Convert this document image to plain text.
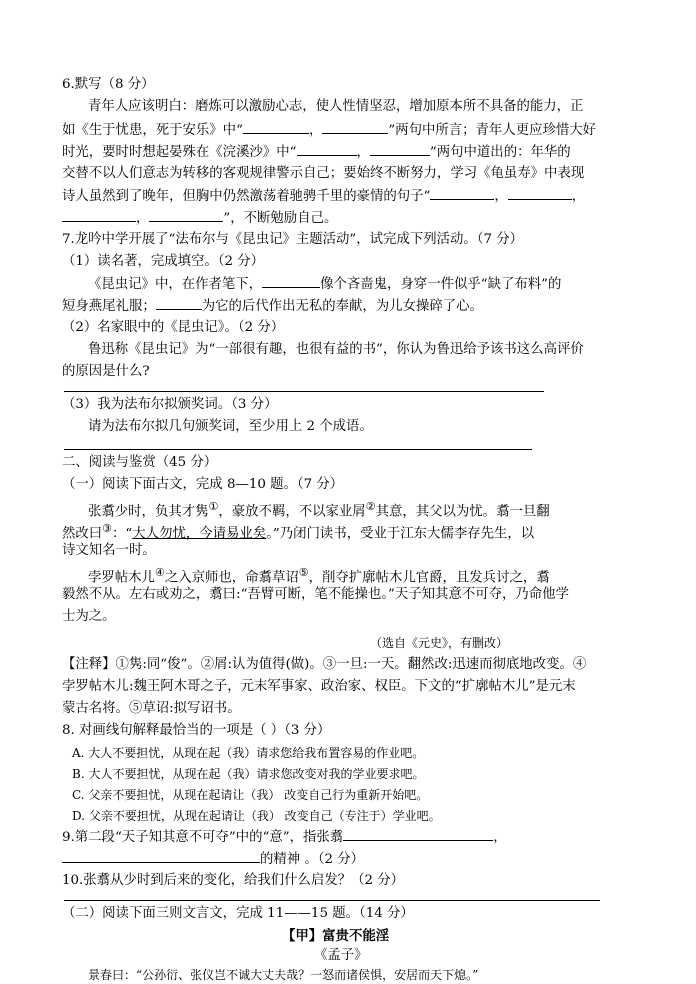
6.默写（8 分）
青年人应该明白：磨炼可以激励心志，使人性情坚忍，增加原本所不具备的能力，正
如《生于忧患，死于安乐》中“	，	”两句中所言；青年人更应珍惜大好
时光，要时时想起晏殊在《浣溪沙》中“	，	”两句中道出的：年华的
交替不以人们意志为转移的客观规律警示自己；要始终不断努力，学习《龟虽寿》中表现
诗人虽然到了晚年，但胸中仍然激荡着驰骋千里的豪情的句子“	，	，
，	”，不断勉励自己。
7.龙吟中学开展了“法布尔与《昆虫记》主题活动”，试完成下列活动。（7 分）
（1）读名著，完成填空。（2 分）
《昆虫记》中，在作者笔下，	像个吝啬鬼，身穿一件似乎“缺了布料”的
短身燕尾礼服；	为它的后代作出无私的奉献，为儿女操碎了心。
（2）名家眼中的《昆虫记》。（2 分）
鲁迅称《昆虫记》为“一部很有趣，也很有益的书”，你认为鲁迅给予该书这么高评价
的原因是什么?
（3）我为法布尔拟颁奖词。（3 分）
请为法布尔拟几句颁奖词，至少用上 2 个成语。
二、阅读与鉴赏（45 分）
（一）阅读下面古文，完成 8—10 题。（7 分）
张翥少时，负其才隽①，豪放不羁，不以家业屑②其意，其父以为忧。翥一旦翻
然改曰③：“大人勿忧，今请易业矣。”乃闭门读书，受业于江东大儒李存先生，以
诗文知名一时。
孛罗帖木儿④之入京师也，命翥草诏⑤，削夺扩廓帖木儿官爵，且发兵讨之，翥
毅然不从。左右或劝之，翥曰:“吾臂可断，笔不能操也。”天子知其意不可夺，乃命他学
士为之。
（选自《元史》，有删改）
【注释】①隽:同“俊”。②屑:认为值得(做)。③一旦:一天。翻然改:迅速而彻底地改变。④
孛罗帖木儿:魏王阿木哥之子，元末军事家、政治家、权臣。下文的“扩廓帖木儿”是元末
蒙古名将。⑤草诏:拟写诏书。
8. 对画线句解释最恰当的一项是（ ）（3 分）
A. 大人不要担忧，从现在起（我）请求您给我布置容易的作业吧。
B. 大人不要担忧，从现在起（我）请求您改变对我的学业要求吧。
C. 父亲不要担忧，从现在起请让（我） 改变自己行为重新开始吧。
D. 父亲不要担忧，从现在起请让（我） 改变自己（专注于）学业吧。
9.第二段“天子知其意不可夺”中的“意”，指张翥	，
的精神 。（2 分）
10.张翥从少时到后来的变化，给我们什么启发？（2 分）
（二）阅读下面三则文言文，完成 11——15 题。（14 分）
【甲】富贵不能淫
《孟子》
景春曰：“公孙衍、张仪岂不诚大丈夫哉？一怒而诸侯惧，安居而天下熄。”
